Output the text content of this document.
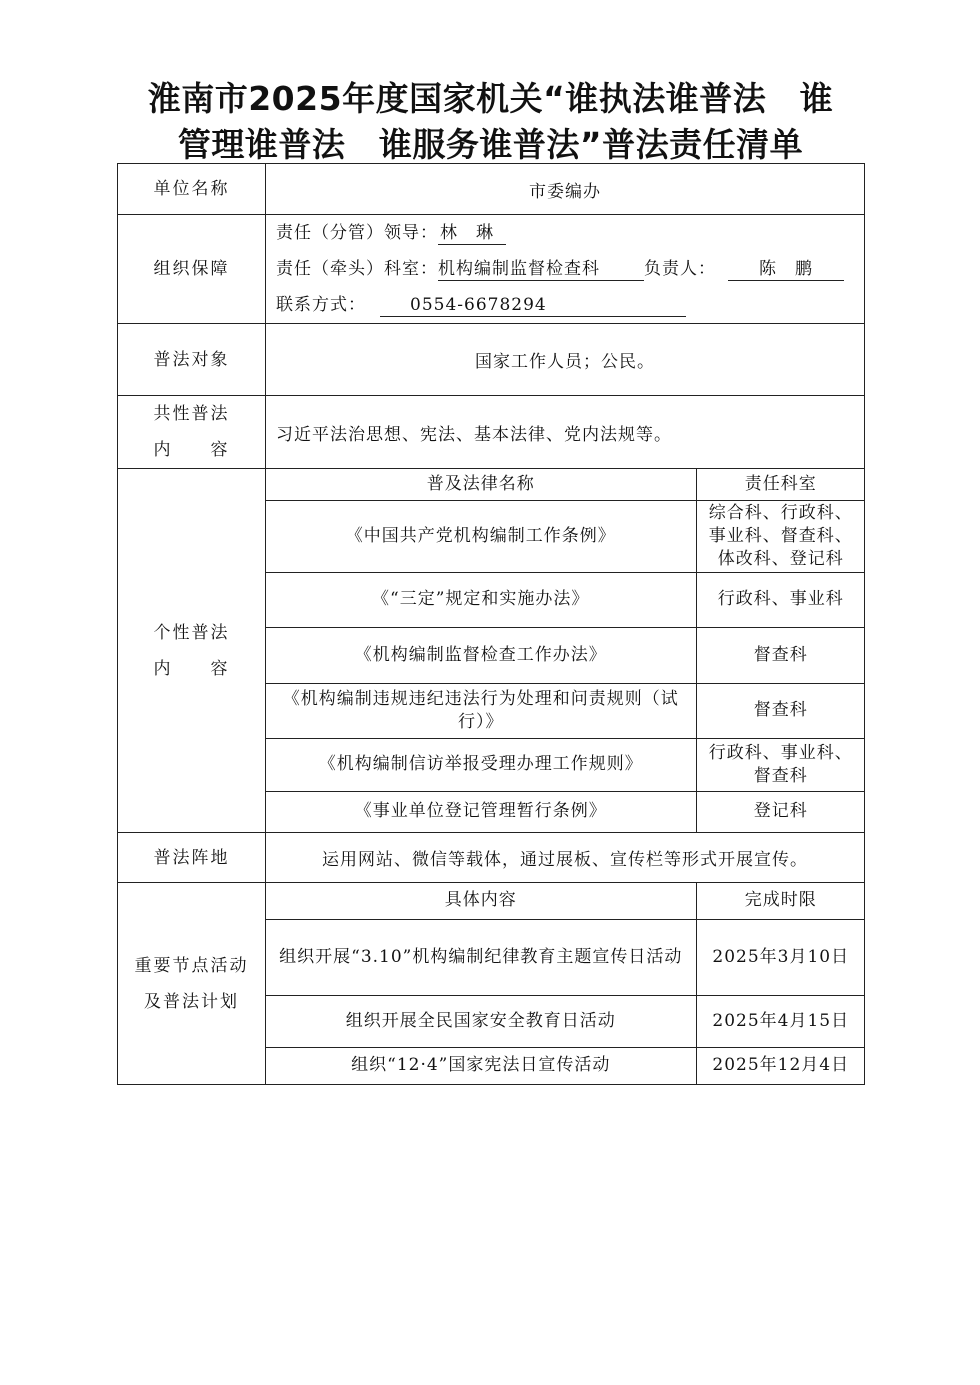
淮南市2025年度国家机关“谁执法谁普法　谁
管理谁普法　谁服务谁普法”普法责任清单
单位名称	市委编办
组织保障	
责任（分管）领导： 林　琳
责任（牵头）科室：机构编制监督检查科	负责人：	陈　鹏
联系方式：	0554-6678294

普法对象	国家工作人员；公民。

共性普法
内　　容
	习近平法治思想、宪法、基本法律、党内法规等。

个性普法
内　　容

普及法律名称	责任科室
《中国共产党机构编制工作条例》	综合科、行政科、事业科、督查科、体改科、登记科
《“三定”规定和实施办法》	行政科、事业科
《机构编制监督检查工作办法》	督查科
《机构编制违规违纪违法行为处理和问责规则（试行）》	督查科
《机构编制信访举报受理办理工作规则》	行政科、事业科、督查科
《事业单位登记管理暂行条例》	登记科

普法阵地	运用网站、微信等载体，通过展板、宣传栏等形式开展宣传。

重要节点活动
及普法计划

具体内容	完成时限
组织开展“3.10”机构编制纪律教育主题宣传日活动	2025年3月10日
组织开展全民国家安全教育日活动	2025年4月15日
组织“12·4”国家宪法日宣传活动	2025年12月4日
